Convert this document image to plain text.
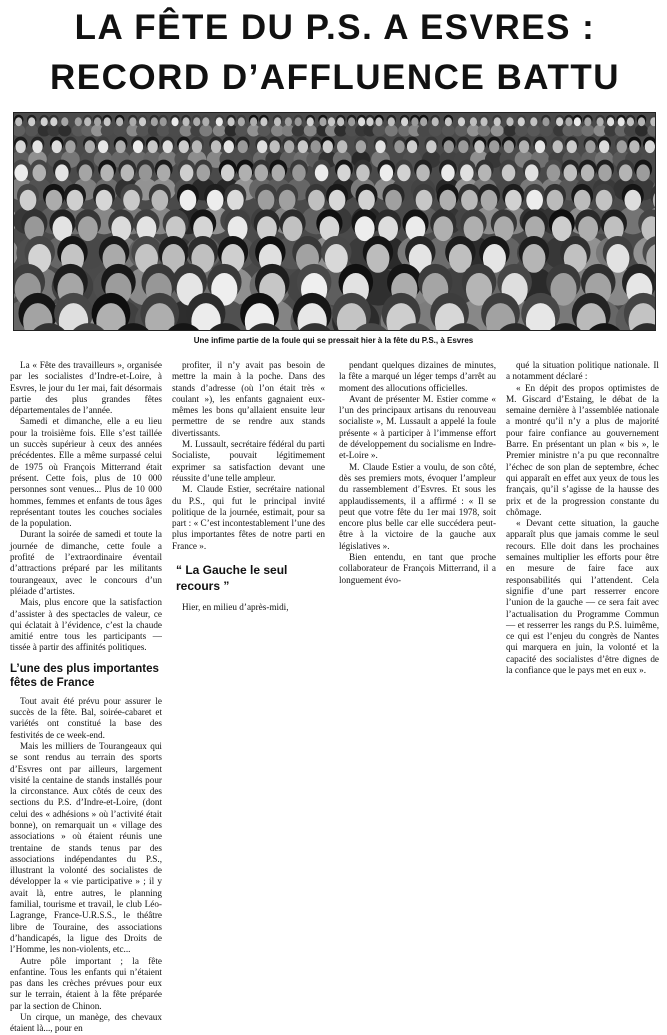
LA FÊTE DU P.S. A ESVRES :
RECORD D’AFFLUENCE BATTU
Une infime partie de la foule qui se pressait hier à la fête du P.S., à Esvres

La « Fête des travailleurs », organisée par les socialistes d’Indre-et-Loire, à Esvres, le jour du 1er mai, fait désormais partie des plus grandes fêtes départementales de l’année.

Samedi et dimanche, elle a eu lieu pour la troisième fois. Elle s’est taillée un succès supérieur à ceux des années précédentes. Elle a même surpassé celui de 1975 où François Mitterrand était présent. Cette fois, plus de 10 000 personnes sont venues... Plus de 10 000 hommes, femmes et enfants de tous âges représentant toutes les couches sociales de la population.

Durant la soirée de samedi et toute la journée de dimanche, cette foule a profité de l’extraordinaire éventail d’attractions préparé par les militants tourangeaux, avec le concours d’un pléiade d’artistes.

Mais, plus encore que la satisfaction d’assister à des spectacles de valeur, ce qui éclatait à l’évidence, c’est la chaude amitié entre tous les participants — tissée à partir des affinités politiques.

L’une des plus importantes fêtes de France

Tout avait été prévu pour assurer le succès de la fête. Bal, soirée-cabaret et variétés ont constitué la base des festivités de ce week-end.

Mais les milliers de Tourangeaux qui se sont rendus au terrain des sports d’Esvres ont par ailleurs, largement visité la centaine de stands installés pour la circonstance. Aux côtés de ceux des sections du P.S. d’Indre-et-Loire, (dont celui des « adhésions » où l’activité était bonne), on remarquait un « village des associations » où étaient réunis une trentaine de stands tenus par des associations indépendantes du P.S., illustrant la volonté des socialistes de développer la « vie participative » ; il y avait là, entre autres, le planning familial, tourisme et travail, le club Léo-Lagrange, France-U.R.S.S., le théâtre libre de Touraine, des associations d’handicapés, la ligue des Droits de l’Homme, les non-violents, etc...

Autre pôle important ; la fête enfantine. Tous les enfants qui n’étaient pas dans les crèches prévues pour eux sur le terrain, étaient à la fête préparée par la section de Chinon.

Un cirque, un manège, des chevaux étaient là..., pour en

profiter, il n’y avait pas besoin de mettre la main à la poche. Dans des stands d’adresse (où l’on était très « coulant »), les enfants gagnaient eux-mêmes les bons qu’allaient ensuite leur permettre de se rendre aux stands divertissants.

M. Lussault, secrétaire fédéral du parti Socialiste, pouvait légitimement exprimer sa satisfaction devant une réussite d’une telle ampleur.

M. Claude Estier, secrétaire national du P.S., qui fut le principal invité politique de la journée, estimait, pour sa part : « C’est incontestablement l’une des plus importantes fêtes de notre parti en France ».

“ La Gauche le seul recours ”

Hier, en milieu d’après-midi,

pendant quelques dizaines de minutes, la fête a marqué un léger temps d’arrêt au moment des allocutions officielles.

Avant de présenter M. Estier comme « l’un des principaux artisans du renouveau socialiste », M. Lussault a appelé la foule présente « à participer à l’immense effort de développement du socialisme en Indre-et-Loire ».

M. Claude Estier a voulu, de son côté, dès ses premiers mots, évoquer l’ampleur du rassemblement d’Esvres. Et sous les applaudissements, il a affirmé : « Il se peut que votre fête du 1er mai 1978, soit encore plus belle car elle succédera peut-être à la victoire de la gauche aux législatives ».

Bien entendu, en tant que proche collaborateur de François Mitterrand, il a longuement évo-

qué la situation politique nationale. Il a notamment déclaré :

« En dépit des propos optimistes de M. Giscard d’Estaing, le débat de la semaine dernière à l’assemblée nationale a montré qu’il n’y a plus de majorité pour faire confiance au gouvernement Barre. En présentant un plan « bis », le Premier ministre n’a pu que reconnaître l’échec de son plan de septembre, échec qui apparaît en effet aux yeux de tous les français, qu’il s’agisse de la hausse des prix et de la progression constante du chômage.

« Devant cette situation, la gauche apparaît plus que jamais comme le seul recours. Elle doit dans les prochaines semaines multiplier les efforts pour être en mesure de faire face aux responsabilités qui l’attendent. Cela signifie d’une part resserrer encore l’union de la gauche — ce sera fait avec l’actualisation du Programme Commun — et resserrer les rangs du P.S. luimême, ce qui est l’enjeu du congrès de Nantes qui marquera en juin, la volonté et la capacité des socialistes d’être dignes de la confiance que le pays met en eux ».
